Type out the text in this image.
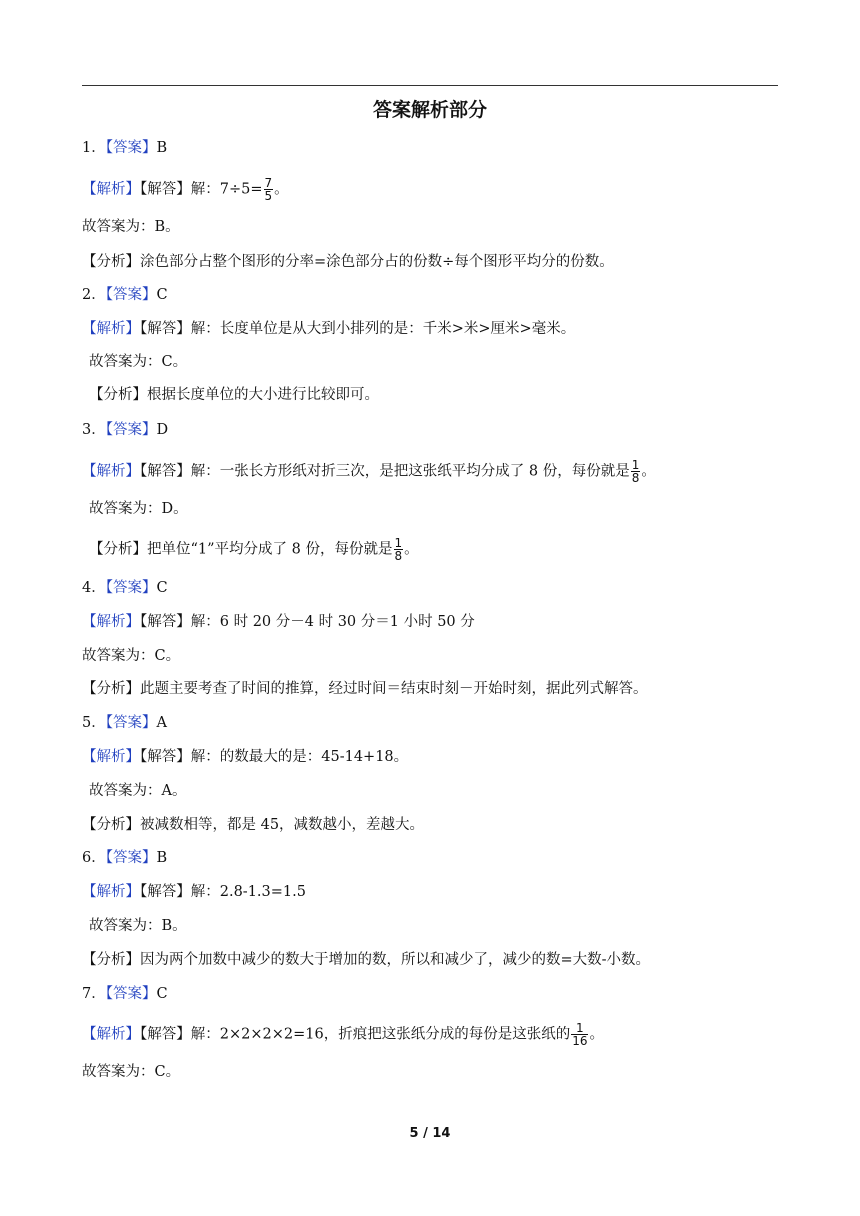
答案解析部分
1．【答案】B
【解析】【解答】解：$7\div 5= \frac{7}{5}$ 。
故答案为：B。
【分析】涂色部分占整个图形的分率=涂色部分占的份数÷每个图形平均分的份数。
2．【答案】C
【解析】【解答】解：长度单位是从大到小排列的是：千米>米>厘米>毫米。
故答案为：C。
【分析】根据长度单位的大小进行比较即可。
3．【答案】D
【解析】【解答】解：一张长方形纸对折三次，是把这张纸平均分成了 8 份，每份就是 $\frac{1}{8}$ 。
故答案为：D。
【分析】把单位“1”平均分成了 8 份，每份就是 $\frac{1}{8}$ 。
4．【答案】C
【解析】【解答】解：6 时 20 分－4 时 30 分＝1 小时 50 分
故答案为：C。
【分析】此题主要考查了时间的推算，经过时间＝结束时刻－开始时刻，据此列式解答。
5．【答案】A
【解析】【解答】解：的数最大的是：45-14+18。
故答案为：A。
【分析】被减数相等，都是 45，减数越小，差越大。
6．【答案】B
【解析】【解答】解：2.8-1.3=1.5
故答案为：B。
【分析】因为两个加数中减少的数大于增加的数，所以和减少了，减少的数=大数-小数。
7．【答案】C
【解析】【解答】解：2×2×2×2=16，折痕把这张纸分成的每份是这张纸的 $\frac{1}{16}$ 。
故答案为：C。
5 / 14
